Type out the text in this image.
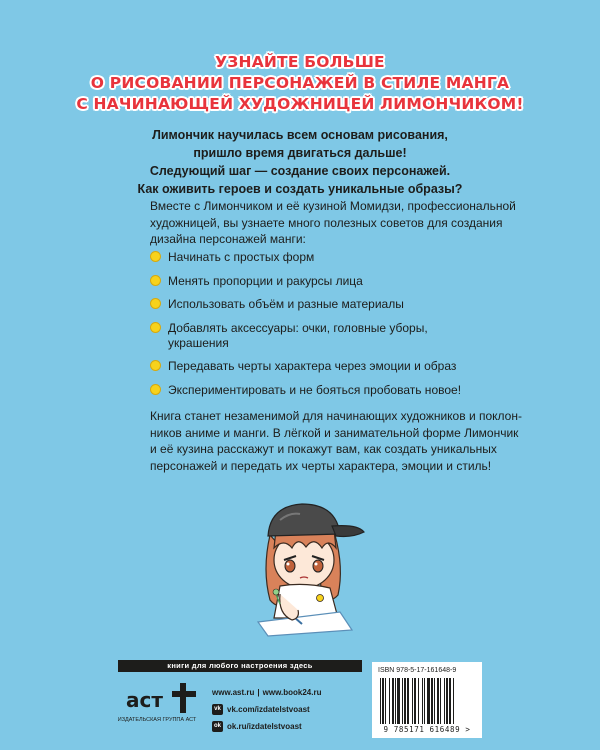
УЗНАЙТЕ БОЛЬШЕ
О РИСОВАНИИ ПЕРСОНАЖЕЙ В СТИЛЕ МАНГА
С НАЧИНАЮЩЕЙ ХУДОЖНИЦЕЙ ЛИМОНЧИКОМ!
Лимончик научилась всем основам рисования,
пришло время двигаться дальше!
Следующий шаг — создание своих персонажей.
Как оживить героев и создать уникальные образы?
Вместе с Лимончиком и её кузиной Момидзи, профессиональной
художницей, вы узнаете много полезных советов для создания
дизайна персонажей манги:
Начинать с простых форм
Менять пропорции и ракурсы лица
Использовать объём и разные материалы
Добавлять аксессуары: очки, головные уборы,
украшения
Передавать черты характера через эмоции и образ
Экспериментировать и не бояться пробовать новое!
Книга станет незаменимой для начинающих художников и поклон-
ников аниме и манги. В лёгкой и занимательной форме Лимончик
и её кузина расскажут и покажут вам, как создать уникальных
персонажей и передать их черты характера, эмоции и стиль!
книги для любого настроения здесь
аст
ИЗДАТЕЛЬСКАЯ ГРУППА АСТ
www.ast.ru | www.book24.ru
vk vk.com/izdatelstvoast
ok ok.ru/izdatelstvoast
ISBN 978-5-17-161648-9
9 785171 616489 >
